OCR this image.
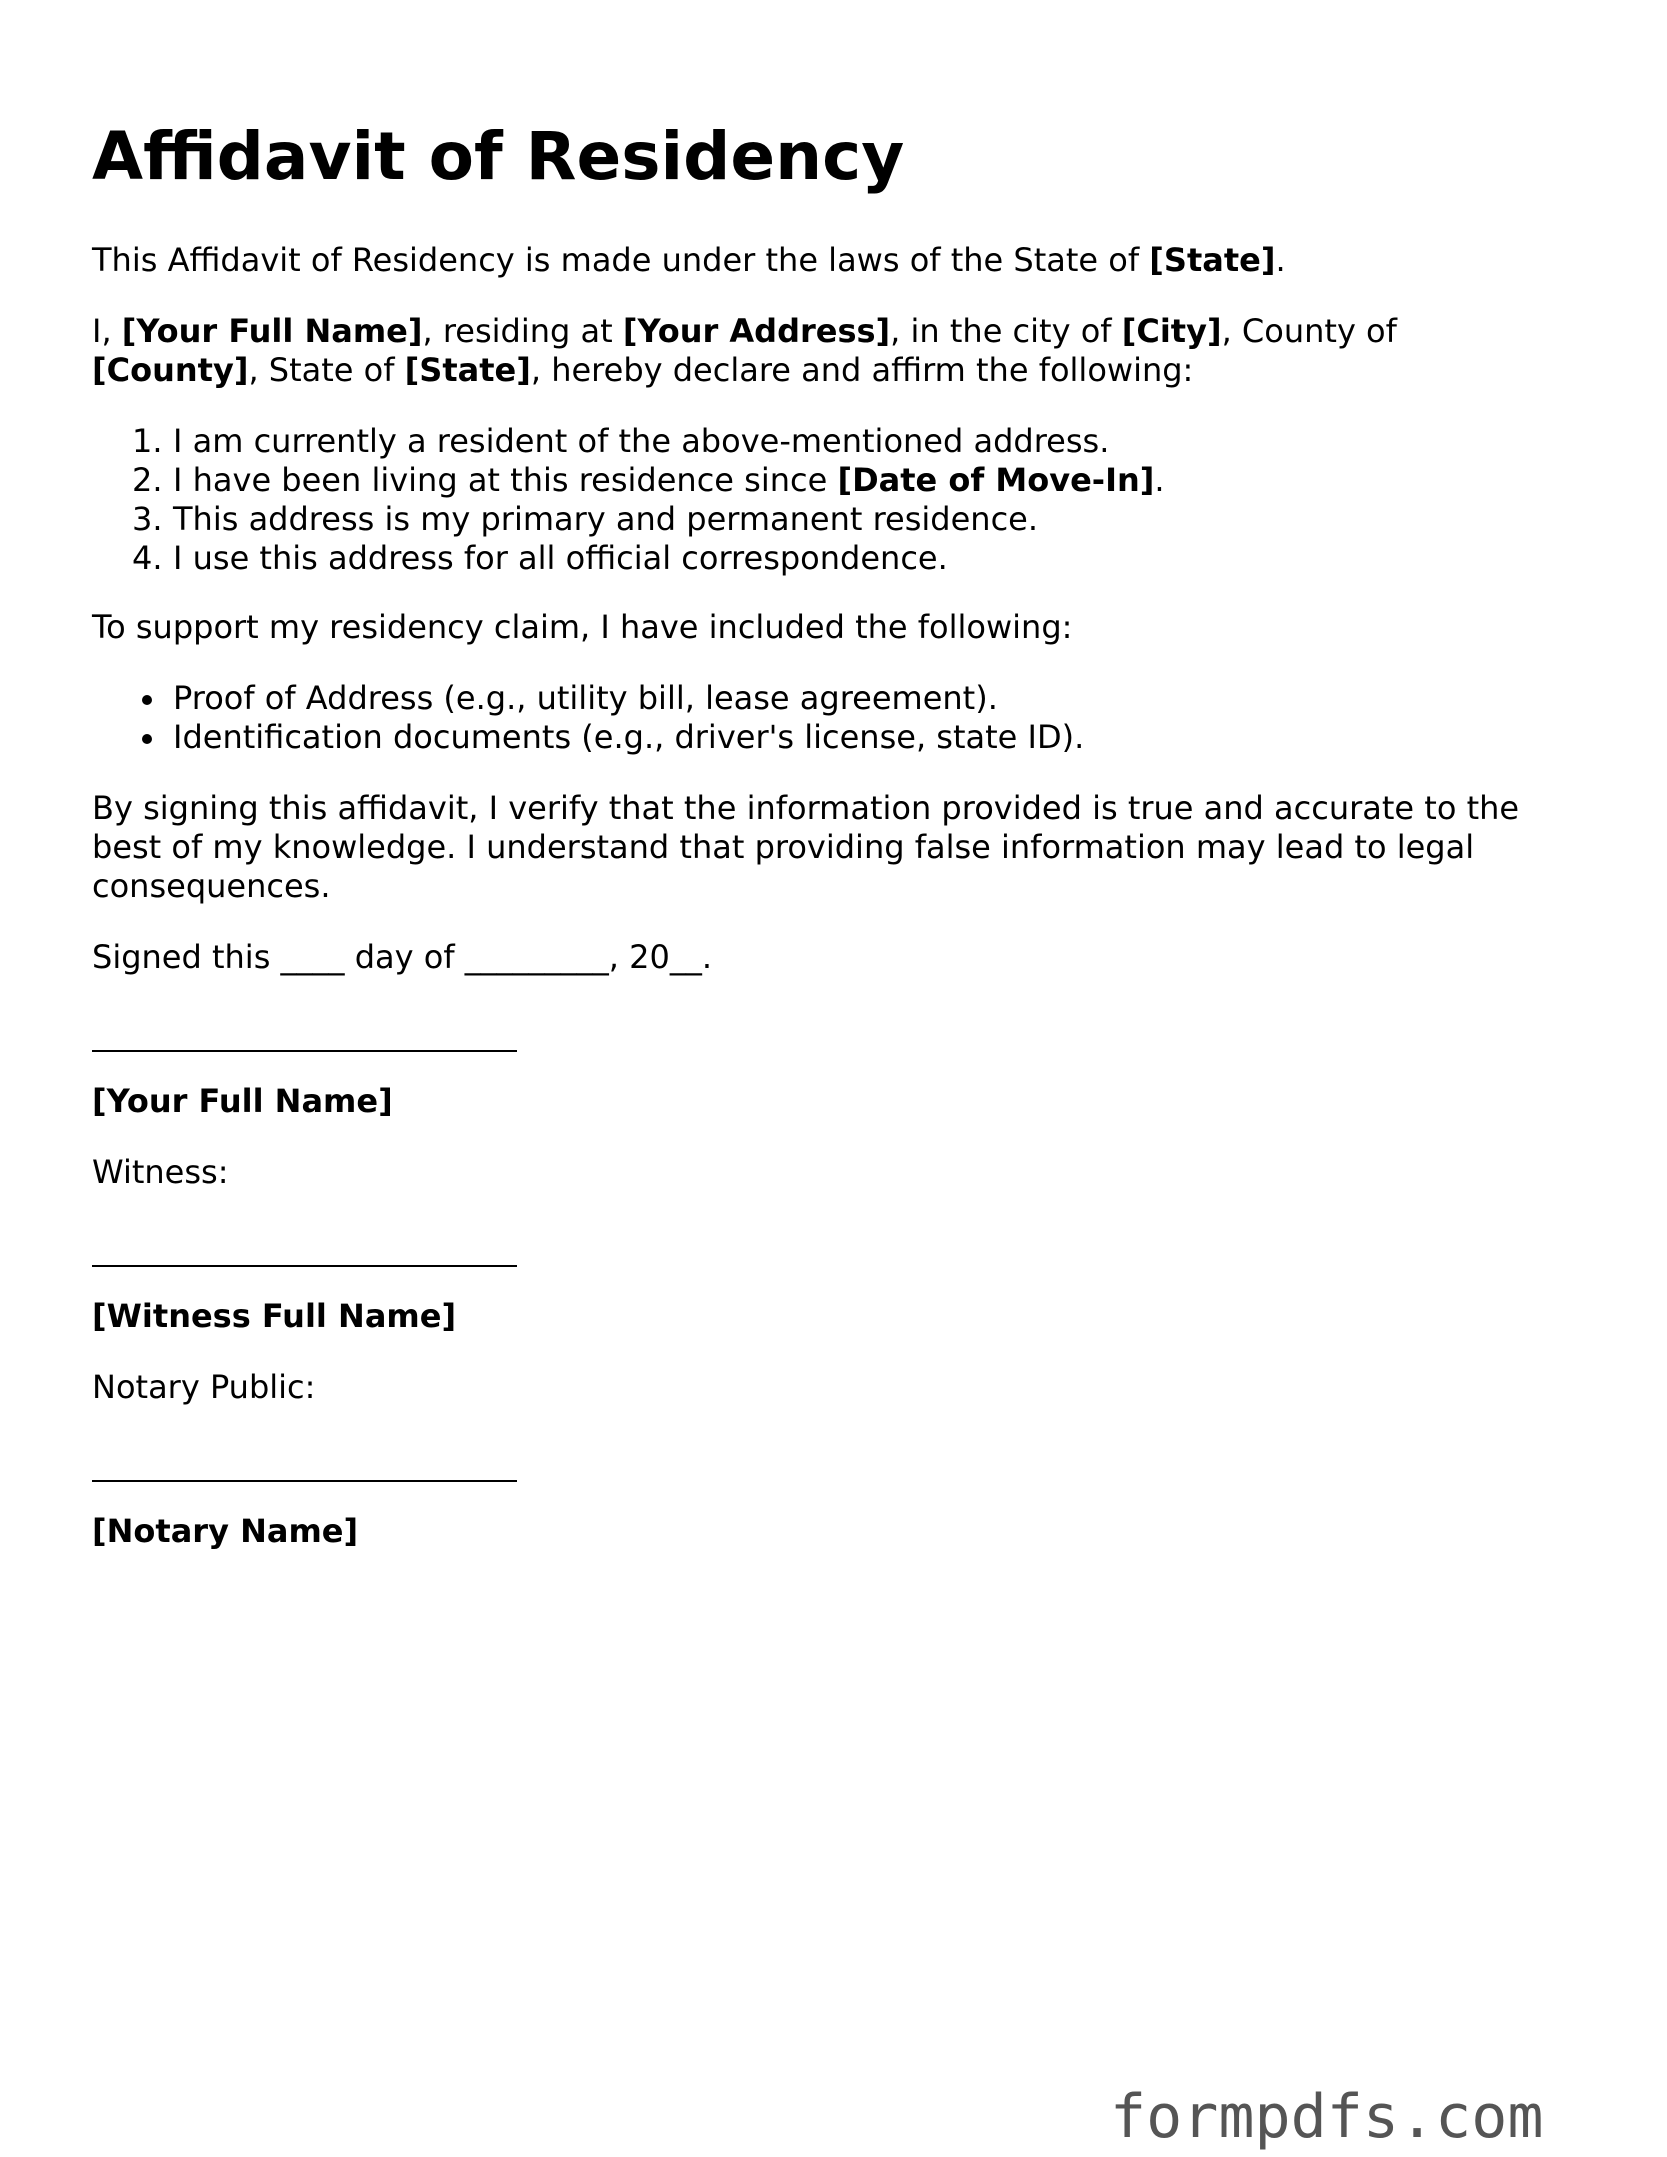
Affidavit of Residency

This Affidavit of Residency is made under the laws of the State of [State].

I, [Your Full Name], residing at [Your Address], in the city of [City], County of
[County], State of [State], hereby declare and affirm the following:

1. I am currently a resident of the above-mentioned address.
2. I have been living at this residence since [Date of Move-In].
3. This address is my primary and permanent residence.
4. I use this address for all official correspondence.

To support my residency claim, I have included the following:

Proof of Address (e.g., utility bill, lease agreement).
Identification documents (e.g., driver's license, state ID).

By signing this affidavit, I verify that the information provided is true and accurate to the
best of my knowledge. I understand that providing false information may lead to legal
consequences.

Signed this ____ day of _________, 20__.

[Your Full Name]

Witness:

[Witness Full Name]

Notary Public:

[Notary Name]

formpdfs.com
